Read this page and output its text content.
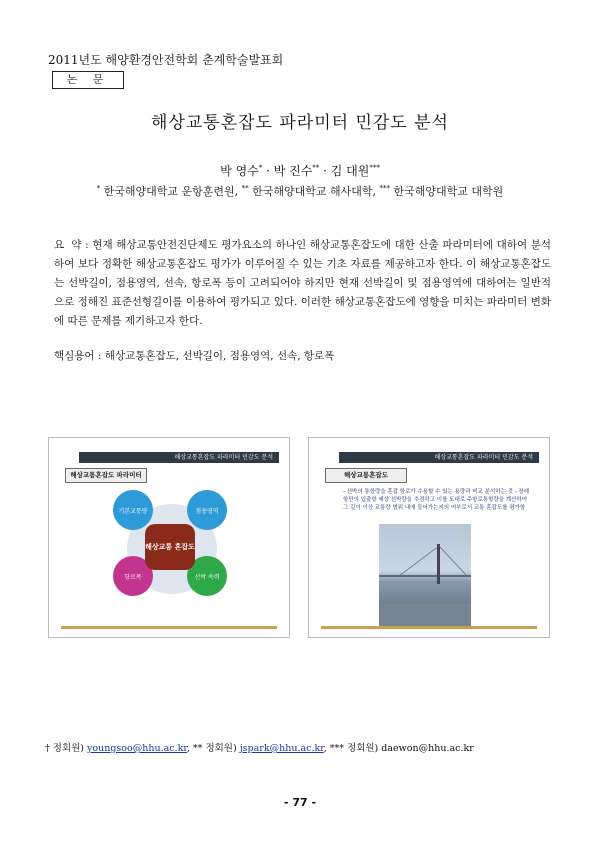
2011년도 해양환경안전학회 춘계학술발표회
논 문
해상교통혼잡도 파라미터 민감도 분석
박 영수* · 박 진수** · 김 대원***
* 한국해양대학교 운항훈련원, ** 한국해양대학교 해사대학, *** 한국해양대학교 대학원
요  약 : 현재 해상교통안전진단제도 평가요소의 하나인 해상교통혼잡도에 대한 산출 파라미터에 대하여 분석하여 보다 정확한 해상교통혼잡도 평가가 이루어질 수 있는 기초 자료를 제공하고자 한다. 이 해상교통혼잡도는 선박길이, 점용영역, 선속, 항로폭 등이 고려되어야 하지만 현재 선박길이 및 점용영역에 대하여는 일반적으로 정해진 표준선형길이를 이용하여 평가되고 있다. 이러한 해상교통혼잡도에 영향을 미치는 파라미터 변화에 따른 문제를 제기하고자 한다.
핵심용어 : 해상교통혼잡도, 선박길이, 점용영역, 선속, 항로폭
해상교통혼잡도 파라미터 민감도 분석
해상교통혼잡도 파라미터
기본교통량	점용영역
항로폭	선박 속력
해상교통 혼잡도
해상교통혼잡도 파라미터 민감도 분석
해상교통혼잡도
- 선박의 통항량을 혼잡 항로가 수용할 수 있는 용량과 비교 분석하는 것 - 장래 항만의 입출항 예상 선박량을 추정하고 이를 토대로 주항로통항량을 계산하여 그 길이 이상 교통량 범위 내에 들어가는지의 여부로서 교통 혼잡도를 평가함
† 정회원) youngsoo@hhu.ac.kr, ** 정회원) jspark@hhu.ac.kr, *** 정회원) daewon@hhu.ac.kr
- 77 -
